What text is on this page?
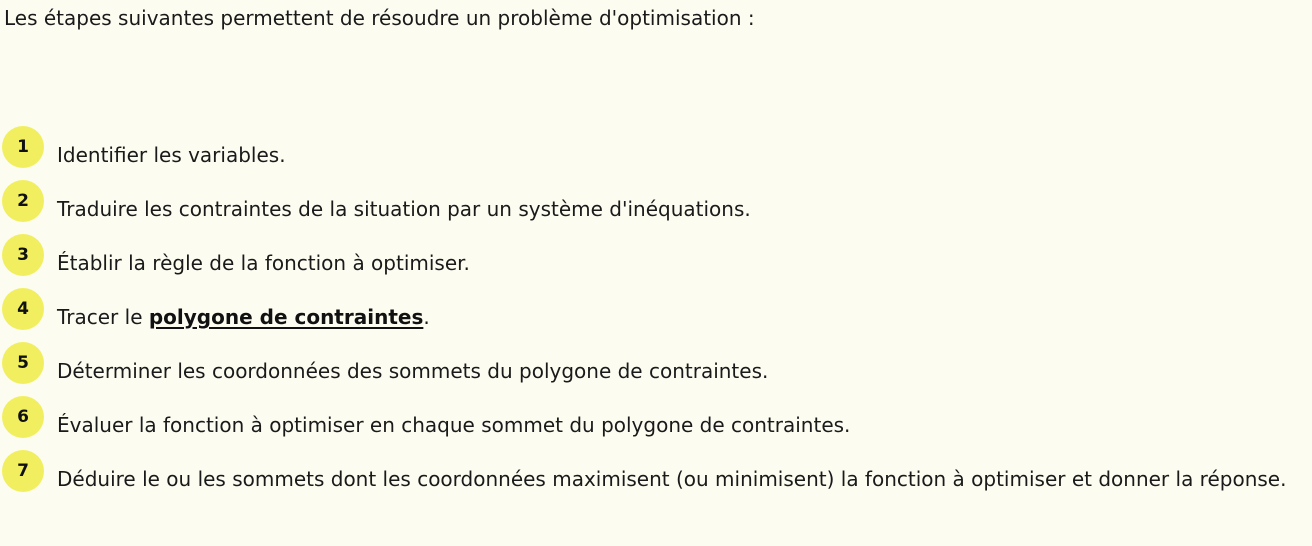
Les étapes suivantes permettent de résoudre un problème d'optimisation :

1	Identifier les variables.
2	Traduire les contraintes de la situation par un système d'inéquations.
3	Établir la règle de la fonction à optimiser.
4	Tracer le polygone de contraintes.
5	Déterminer les coordonnées des sommets du polygone de contraintes.
6	Évaluer la fonction à optimiser en chaque sommet du polygone de contraintes.
7	Déduire le ou les sommets dont les coordonnées maximisent (ou minimisent) la fonction à optimiser et donner la réponse.
